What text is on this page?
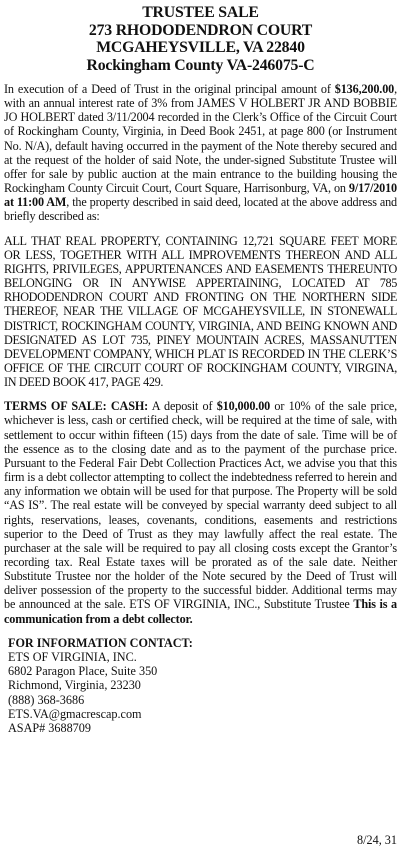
TRUSTEE SALE
273 RHODODENDRON COURT
MCGAHEYSVILLE, VA 22840
Rockingham County VA-246075-C

In execution of a Deed of Trust in the original principal amount of $136,200.00, with an annual interest rate of 3% from JAMES V HOLBERT JR AND BOBBIE JO HOLBERT dated 3/11/2004 recorded in the Clerk’s Office of the Circuit Court of Rockingham County, Virginia, in Deed Book 2451, at page 800 (or Instrument No. N/A), default having occurred in the payment of the Note thereby secured and at the request of the holder of said Note, the under-signed Substitute Trustee will offer for sale by public auction at the main entrance to the building housing the Rockingham County Circuit Court, Court Square, Harrisonburg, VA, on 9/17/2010 at 11:00 AM, the property described in said deed, located at the above address and briefly described as:

ALL THAT REAL PROPERTY, CONTAINING 12,721 SQUARE FEET MORE OR LESS, TOGETHER WITH ALL IMPROVEMENTS THEREON AND ALL RIGHTS, PRIVILEGES, APPURTENANCES AND EASEMENTS THEREUNTO BELONGING OR IN ANYWISE APPERTAINING, LOCATED AT 785 RHODODENDRON COURT AND FRONTING ON THE NORTHERN SIDE THEREOF, NEAR THE VILLAGE OF MCGAHEYSVILLE, IN STONEWALL DISTRICT, ROCKINGHAM COUNTY, VIRGINIA, AND BEING KNOWN AND DESIGNATED AS LOT 735, PINEY MOUNTAIN ACRES, MASSANUTTEN DEVELOPMENT COMPANY, WHICH PLAT IS RECORDED IN THE CLERK’S OFFICE OF THE CIRCUIT COURT OF ROCKINGHAM COUNTY, VIRGINA, IN DEED BOOK 417, PAGE 429.

TERMS OF SALE: CASH: A deposit of $10,000.00 or 10% of the sale price, whichever is less, cash or certified check, will be required at the time of sale, with settlement to occur within fifteen (15) days from the date of sale. Time will be of the essence as to the closing date and as to the payment of the purchase price. Pursuant to the Federal Fair Debt Collection Practices Act, we advise you that this firm is a debt collector attempting to collect the indebtedness referred to herein and any information we obtain will be used for that purpose. The Property will be sold “AS IS”. The real estate will be conveyed by special warranty deed subject to all rights, reservations, leases, covenants, conditions, easements and restrictions superior to the Deed of Trust as they may lawfully affect the real estate. The purchaser at the sale will be required to pay all closing costs except the Grantor’s recording tax. Real Estate taxes will be prorated as of the sale date. Neither Substitute Trustee nor the holder of the Note secured by the Deed of Trust will deliver possession of the property to the successful bidder. Additional terms may be announced at the sale. ETS OF VIRGINIA, INC., Substitute Trustee This is a communication from a debt collector.

FOR INFORMATION CONTACT:
ETS OF VIRGINIA, INC.
6802 Paragon Place, Suite 350
Richmond, Virginia, 23230
(888) 368-3686
ETS.VA@gmacrescap.com
ASAP# 3688709
8/24, 31
